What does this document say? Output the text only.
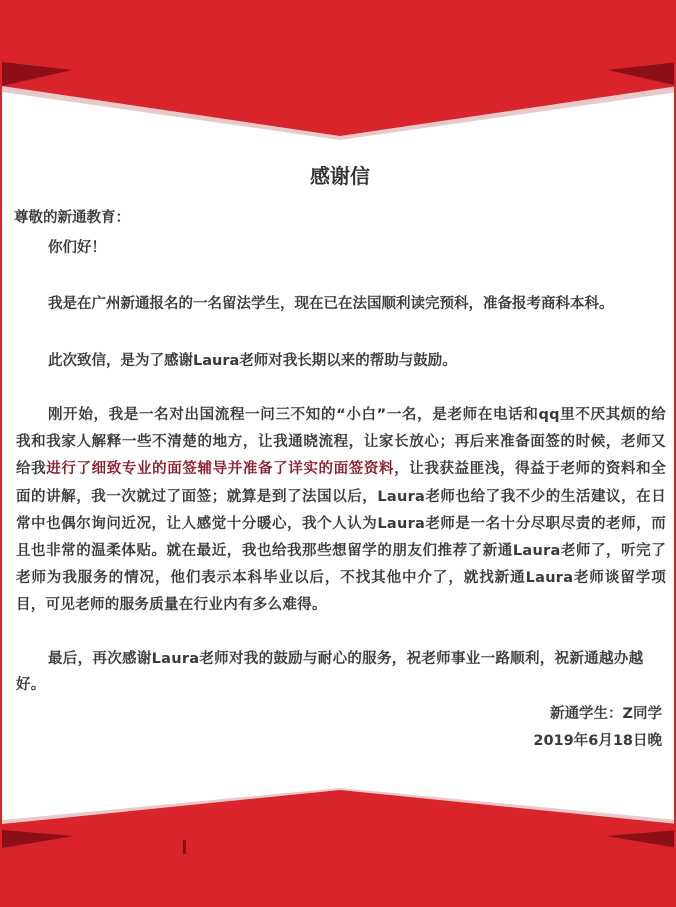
感谢信
尊敬的新通教育：
你们好！
我是在广州新通报名的一名留法学生，现在已在法国顺利读完预科，准备报考商科本科。
此次致信，是为了感谢Laura老师对我长期以来的帮助与鼓励。
刚开始，我是一名对出国流程一问三不知的“小白”一名，是老师在电话和qq里不厌其烦的给我和我家人解释一些不清楚的地方，让我通晓流程，让家长放心；再后来准备面签的时候，老师又给我进行了细致专业的面签辅导并准备了详实的面签资料，让我获益匪浅，得益于老师的资料和全面的讲解，我一次就过了面签；就算是到了法国以后，Laura老师也给了我不少的生活建议，在日常中也偶尔询问近况，让人感觉十分暖心，我个人认为Laura老师是一名十分尽职尽责的老师，而且也非常的温柔体贴。就在最近，我也给我那些想留学的朋友们推荐了新通Laura老师了，听完了老师为我服务的情况，他们表示本科毕业以后，不找其他中介了，就找新通Laura老师谈留学项目，可见老师的服务质量在行业内有多么难得。
最后，再次感谢Laura老师对我的鼓励与耐心的服务，祝老师事业一路顺利，祝新通越办越好。
新通学生：Z同学
2019年6月18日晚
